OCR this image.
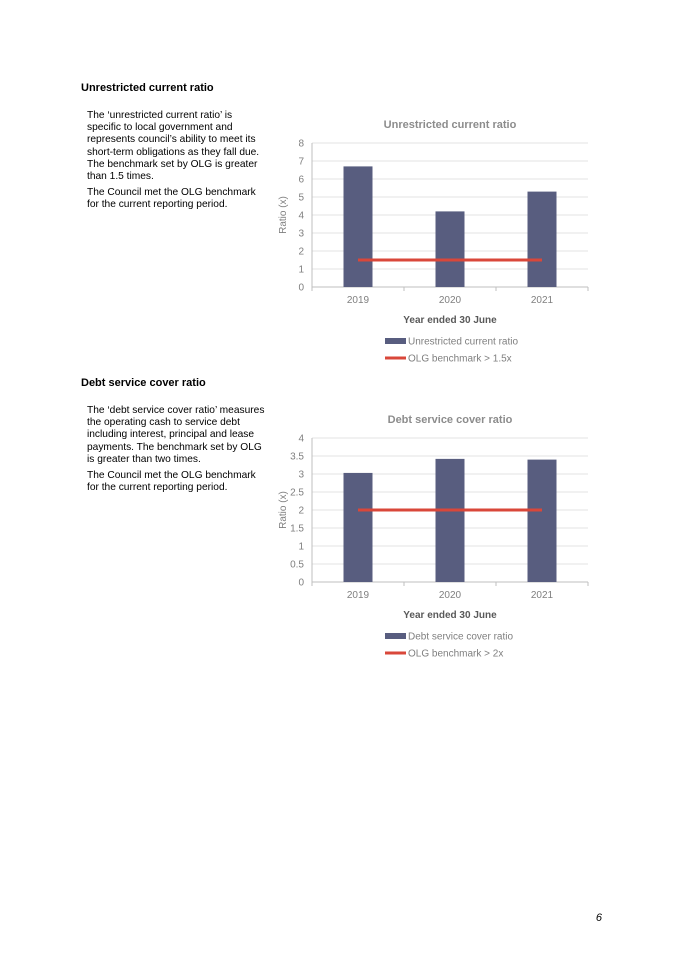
Unrestricted current ratio

The ‘unrestricted current ratio’ is specific to local government and represents council’s ability to meet its short-term obligations as they fall due. The benchmark set by OLG is greater than 1.5 times.

The Council met the OLG benchmark for the current reporting period.

Unrestricted current ratio
0
1
2
3
4
5
6
7
8
2019	2020	2021
Year ended 30 June
Ratio (x)
Unrestricted current ratio
OLG benchmark > 1.5x
Debt service cover ratio

The ‘debt service cover ratio’ measures the operating cash to service debt including interest, principal and lease payments. The benchmark set by OLG is greater than two times.

The Council met the OLG benchmark for the current reporting period.

Debt service cover ratio
0
0.5
1
1.5
2
2.5
3
3.5
4
2019	2020	2021
Year ended 30 June
Ratio (x)
Debt service cover ratio
OLG benchmark > 2x
6
